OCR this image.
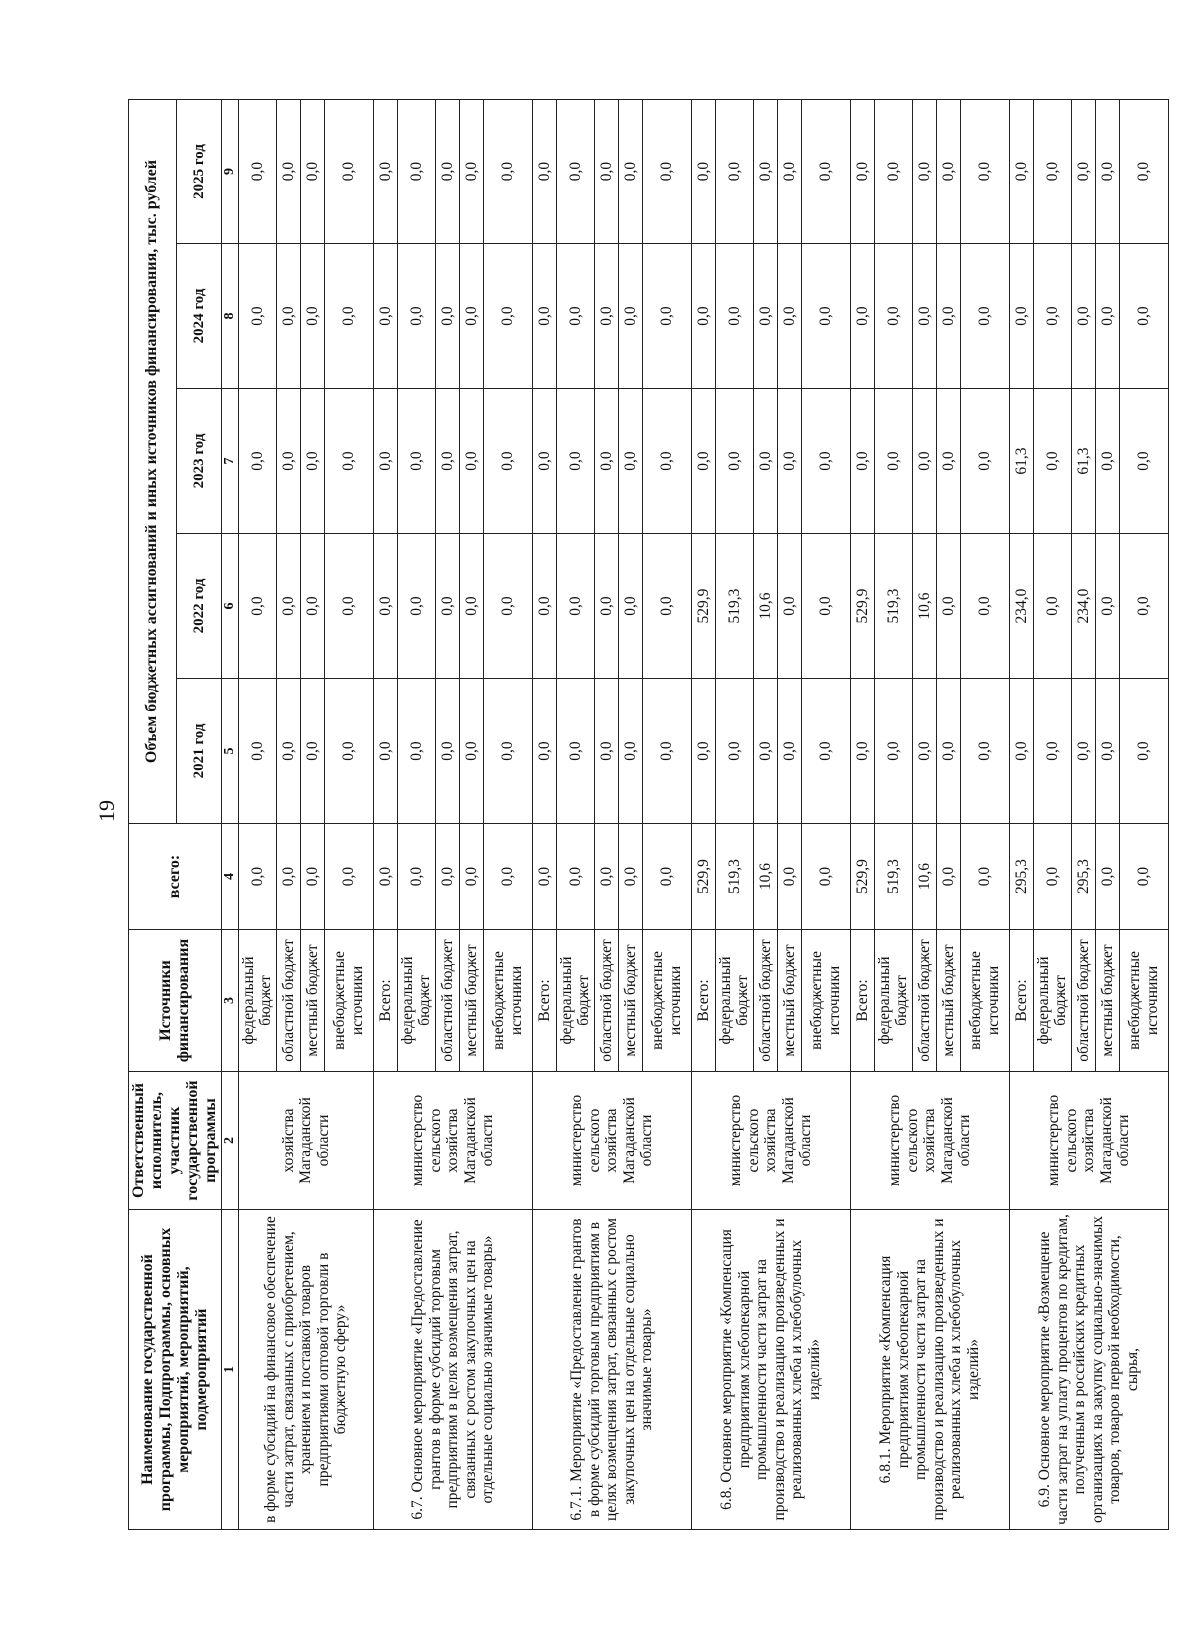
19
Наименование государственной программы, Подпрограммы, основных мероприятий, мероприятий, подмероприятий	Ответственный исполнитель, участник государственной программы	Источники финансирования	всего:	Объем бюджетных ассигнований и иных источников финансирования, тыс. рублей				
				2021 год	2022 год	2023 год	2024 год	2025 год
1	2	3	4	5	6	7	8	9
в форме субсидий на финансовое обеспечение части затрат, связанных с приобретением, хранением и поставкой товаров предприятиями оптовой торговли в бюджетную сферу»	хозяйства Магаданской области	федеральный бюджет	0,0	0,0	0,0	0,0	0,0	0,0
		областной бюджет	0,0	0,0	0,0	0,0	0,0	0,0
		местный бюджет	0,0	0,0	0,0	0,0	0,0	0,0
		внебюджетные источники	0,0	0,0	0,0	0,0	0,0	0,0
6.7. Основное мероприятие «Предоставление грантов в форме субсидий торговым предприятиям в целях возмещения затрат, связанных с ростом закупочных цен на отдельные социально значимые товары»	министерство сельского хозяйства Магаданской области	Всего:	0,0	0,0	0,0	0,0	0,0	0,0
		федеральный бюджет	0,0	0,0	0,0	0,0	0,0	0,0
		областной бюджет	0,0	0,0	0,0	0,0	0,0	0,0
		местный бюджет	0,0	0,0	0,0	0,0	0,0	0,0
		внебюджетные источники	0,0	0,0	0,0	0,0	0,0	0,0
6.7.1. Мероприятие «Предоставление грантов в форме субсидий торговым предприятиям в целях возмещения затрат, связанных с ростом закупочных цен на отдельные социально значимые товары»	министерство сельского хозяйства Магаданской области	Всего:	0,0	0,0	0,0	0,0	0,0	0,0
		федеральный бюджет	0,0	0,0	0,0	0,0	0,0	0,0
		областной бюджет	0,0	0,0	0,0	0,0	0,0	0,0
		местный бюджет	0,0	0,0	0,0	0,0	0,0	0,0
		внебюджетные источники	0,0	0,0	0,0	0,0	0,0	0,0
6.8. Основное мероприятие «Компенсация предприятиям хлебопекарной промышленности части затрат на производство и реализацию произведенных и реализованных хлеба и хлебобулочных изделий»	министерство сельского хозяйства Магаданской области	Всего:	529,9	0,0	529,9	0,0	0,0	0,0
		федеральный бюджет	519,3	0,0	519,3	0,0	0,0	0,0
		областной бюджет	10,6	0,0	10,6	0,0	0,0	0,0
		местный бюджет	0,0	0,0	0,0	0,0	0,0	0,0
		внебюджетные источники	0,0	0,0	0,0	0,0	0,0	0,0
6.8.1. Мероприятие «Компенсация предприятиям хлебопекарной промышленности части затрат на производство и реализацию произведенных и реализованных хлеба и хлебобулочных изделий»	министерство сельского хозяйства Магаданской области	Всего:	529,9	0,0	529,9	0,0	0,0	0,0
		федеральный бюджет	519,3	0,0	519,3	0,0	0,0	0,0
		областной бюджет	10,6	0,0	10,6	0,0	0,0	0,0
		местный бюджет	0,0	0,0	0,0	0,0	0,0	0,0
		внебюджетные источники	0,0	0,0	0,0	0,0	0,0	0,0
6.9. Основное мероприятие «Возмещение части затрат на уплату процентов по кредитам, полученным в российских кредитных организациях на закупку социально-значимых товаров, товаров первой необходимости, сырья,	министерство сельского хозяйства Магаданской области	Всего:	295,3	0,0	234,0	61,3	0,0	0,0
		федеральный бюджет	0,0	0,0	0,0	0,0	0,0	0,0
		областной бюджет	295,3	0,0	234,0	61,3	0,0	0,0
		местный бюджет	0,0	0,0	0,0	0,0	0,0	0,0
		внебюджетные источники	0,0	0,0	0,0	0,0	0,0	0,0
